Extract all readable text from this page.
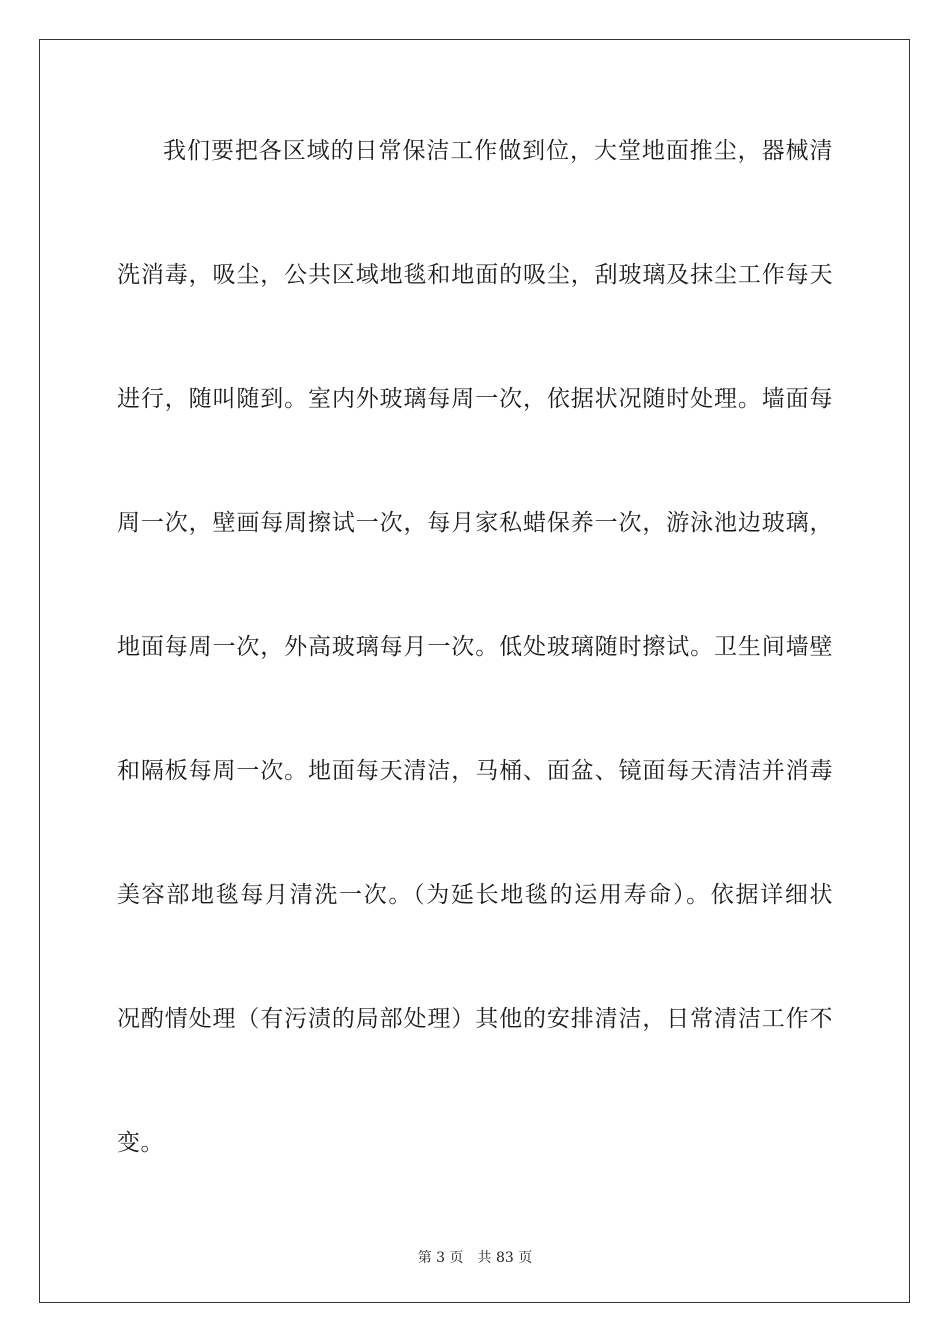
我们要把各区域的日常保洁工作做到位，大堂地面推尘，器械清
洗消毒，吸尘，公共区域地毯和地面的吸尘，刮玻璃及抹尘工作每天
进行，随叫随到。室内外玻璃每周一次，依据状况随时处理。墙面每
周一次，壁画每周擦试一次，每月家私蜡保养一次，游泳池边玻璃，
地面每周一次，外高玻璃每月一次。低处玻璃随时擦试。卫生间墙壁
和隔板每周一次。地面每天清洁，马桶、面盆、镜面每天清洁并消毒
美容部地毯每月清洗一次。（为延长地毯的运用寿命）。依据详细状
况酌情处理（有污渍的局部处理）其他的安排清洁，日常清洁工作不
变。
第 3 页 共 83 页
